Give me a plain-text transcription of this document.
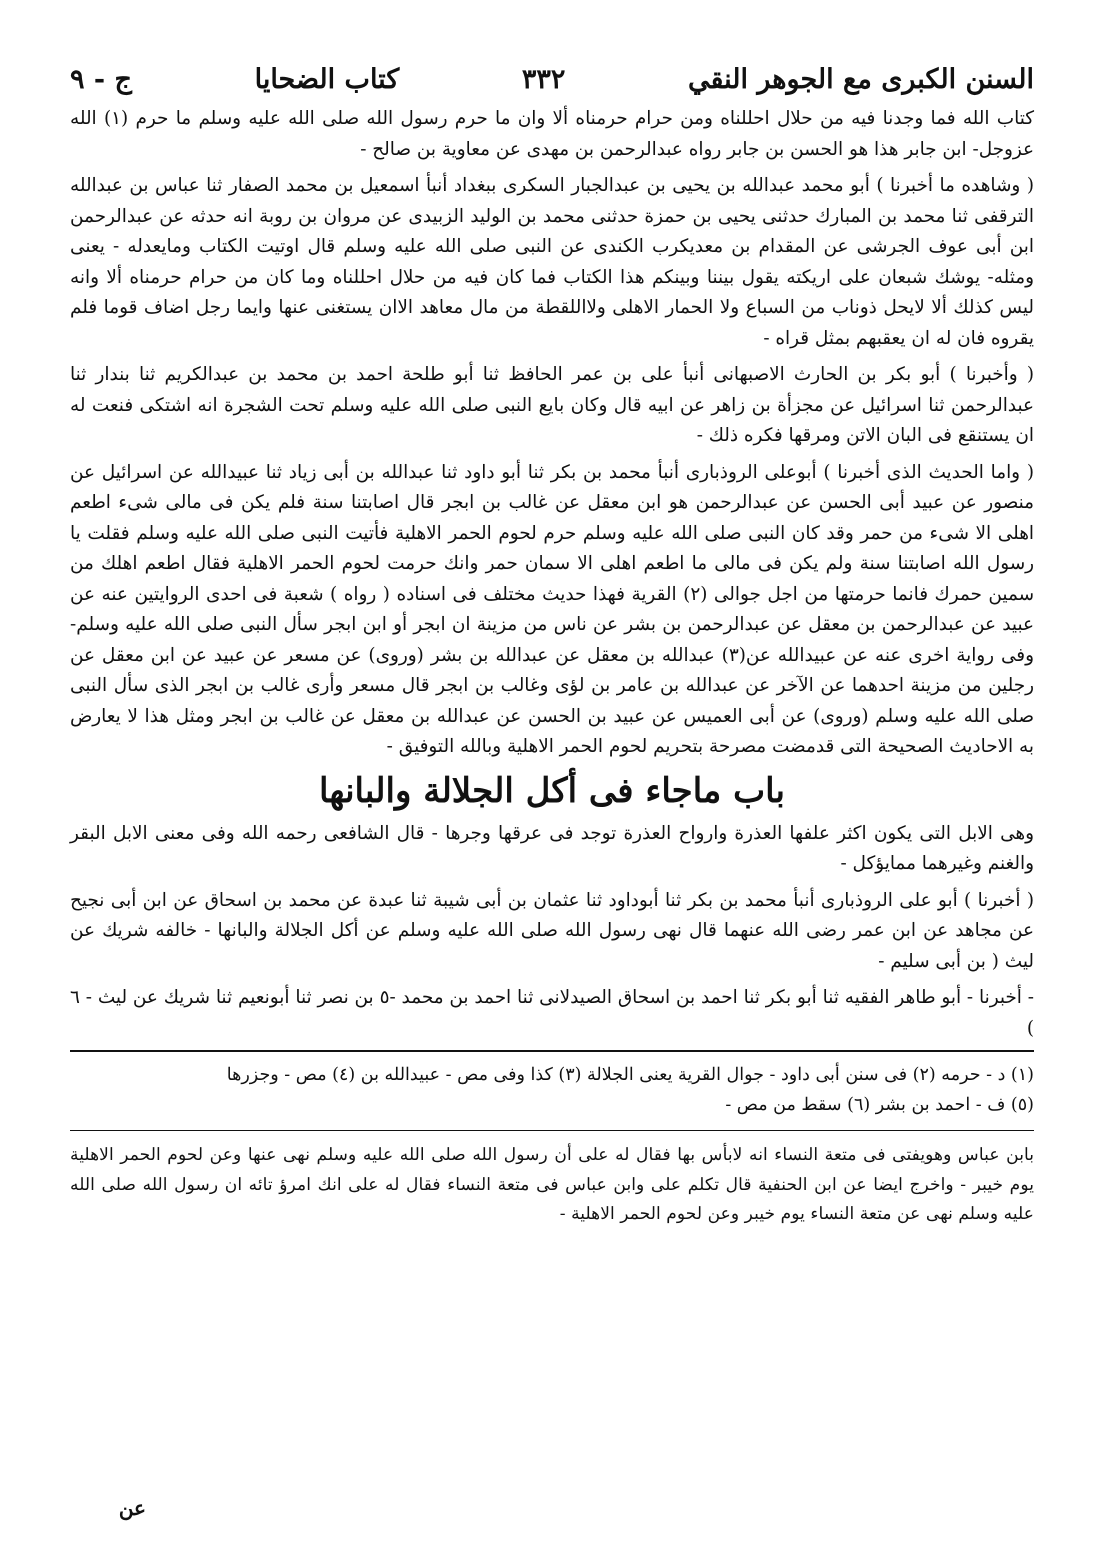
السنن الكبرى مع الجوهر النقي
٣٣٢
كتاب الضحايا
ج - ٩

كتاب الله فما وجدنا فيه من حلال احللناه ومن حرام حرمناه ألا وان ما حرم رسول الله صلى الله عليه وسلم ما حرم (١) الله عزوجل- ابن جابر هذا هو الحسن بن جابر رواه عبدالرحمن بن مهدى عن معاوية بن صالح -

( وشاهده ما أخبرنا ) أبو محمد عبدالله بن يحيى بن عبدالجبار السكرى ببغداد أنبأ اسمعيل بن محمد الصفار ثنا عباس بن عبدالله الترقفى ثنا محمد بن المبارك حدثنى يحيى بن حمزة حدثنى محمد بن الوليد الزبيدى عن مروان بن روبة انه حدثه عن عبدالرحمن ابن أبى عوف الجرشى عن المقدام بن معديكرب الكندى عن النبى صلى الله عليه وسلم قال اوتيت الكتاب ومايعدله - يعنى ومثله- يوشك شبعان على اريكته يقول بيننا وبينكم هذا الكتاب فما كان فيه من حلال احللناه وما كان من حرام حرمناه ألا وانه ليس كذلك ألا لايحل ذوناب من السباع ولا الحمار الاهلى ولااللقطة من مال معاهد الاان يستغنى عنها وايما رجل اضاف قوما فلم يقروه فان له ان يعقبهم بمثل قراه -

( وأخبرنا ) أبو بكر بن الحارث الاصبهانى أنبأ على بن عمر الحافظ ثنا أبو طلحة احمد بن محمد بن عبدالكريم ثنا بندار ثنا عبدالرحمن ثنا اسرائيل عن مجزأة بن زاهر عن ابيه قال وكان بايع النبى صلى الله عليه وسلم تحت الشجرة انه اشتكى فنعت له ان يستنقع فى البان الاتن ومرقها فكره ذلك -

( واما الحديث الذى أخبرنا ) أبوعلى الروذبارى أنبأ محمد بن بكر ثنا أبو داود ثنا عبدالله بن أبى زياد ثنا عبيدالله عن اسرائيل عن منصور عن عبيد أبى الحسن عن عبدالرحمن هو ابن معقل عن غالب بن ابجر قال اصابتنا سنة فلم يكن فى مالى شىء اطعم اهلى الا شىء من حمر وقد كان النبى صلى الله عليه وسلم حرم لحوم الحمر الاهلية فأتيت النبى صلى الله عليه وسلم فقلت يا رسول الله اصابتنا سنة ولم يكن فى مالى ما اطعم اهلى الا سمان حمر وانك حرمت لحوم الحمر الاهلية فقال اطعم اهلك من سمين حمرك فانما حرمتها من اجل جوالى (٢) القرية فهذا حديث مختلف فى اسناده ( رواه ) شعبة فى احدى الروايتين عنه عن عبيد عن عبدالرحمن بن معقل عن عبدالرحمن بن بشر عن ناس من مزينة ان ابجر أو ابن ابجر سأل النبى صلى الله عليه وسلم- وفى رواية اخرى عنه عن عبيدالله عن(٣) عبدالله بن معقل عن عبدالله بن بشر (وروى) عن مسعر عن عبيد عن ابن معقل عن رجلين من مزينة احدهما عن الآخر عن عبدالله بن عامر بن لؤى وغالب بن ابجر قال مسعر وأرى غالب بن ابجر الذى سأل النبى صلى الله عليه وسلم (وروى) عن أبى العميس عن عبيد بن الحسن عن عبدالله بن معقل عن غالب بن ابجر ومثل هذا لا يعارض به الاحاديث الصحيحة التى قدمضت مصرحة بتحريم لحوم الحمر الاهلية وبالله التوفيق -

باب ماجاء فى أكل الجلالة والبانها

وهى الابل التى يكون اكثر علفها العذرة وارواح العذرة توجد فى عرقها وجرها - قال الشافعى رحمه الله وفى معنى الابل البقر والغنم وغيرهما ممايؤكل -

( أخبرنا ) أبو على الروذبارى أنبأ محمد بن بكر ثنا أبوداود ثنا عثمان بن أبى شيبة ثنا عبدة عن محمد بن اسحاق عن ابن أبى نجيح عن مجاهد عن ابن عمر رضى الله عنهما قال نهى رسول الله صلى الله عليه وسلم عن أكل الجلالة والبانها - خالفه شريك عن ليث ( بن أبى سليم -

- أخبرنا - أبو طاهر الفقيه ثنا أبو بكر ثنا احمد بن اسحاق الصيدلانى ثنا احمد بن محمد -٥ بن نصر ثنا أبونعيم ثنا شريك عن ليث - ٦ )

(١) د - حرمه (٢) فى سنن أبى داود - جوال القرية يعنى الجلالة (٣) كذا وفى مص - عبيدالله بن (٤) مص - وجزرها

(٥) ف - احمد بن بشر (٦) سقط من مص -

بابن عباس وهويفتى فى متعة النساء انه لابأس بها فقال له على أن رسول الله صلى الله عليه وسلم نهى عنها وعن لحوم الحمر الاهلية يوم خيبر - واخرج ايضا عن ابن الحنفية قال تكلم على وابن عباس فى متعة النساء فقال له على انك امرؤ تائه ان رسول الله صلى الله عليه وسلم نهى عن متعة النساء يوم خيبر وعن لحوم الحمر الاهلية -

عن
